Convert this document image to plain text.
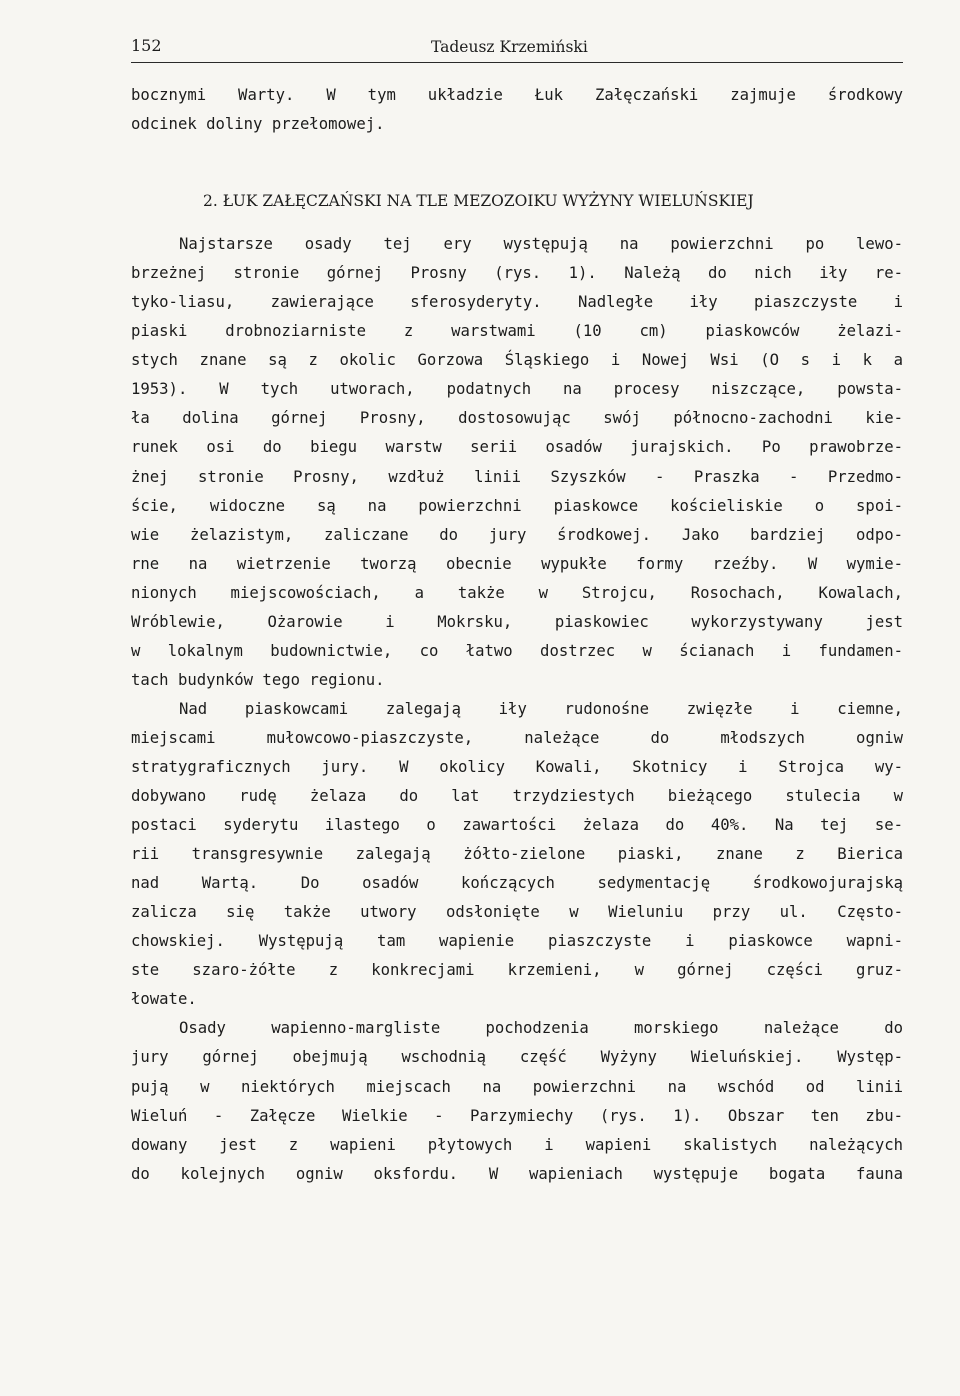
152	Tadeusz Krzemiński
bocznymi Warty. W tym układzie Łuk Załęczański zajmuje środkowy
odcinek doliny przełomowej.
2. ŁUK ZAŁĘCZAŃSKI NA TLE MEZOZOIKU WYŻYNY WIELUŃSKIEJ
Najstarsze osady tej ery występują na powierzchni po lewo-
brzeżnej stronie górnej Prosny (rys. 1). Należą do nich iły re-
tyko-liasu, zawierające sferosyderyty. Nadległe iły piaszczyste i
piaski drobnoziarniste z warstwami (10 cm) piaskowców żelazi-
stych znane są z okolic Gorzowa Śląskiego i Nowej Wsi (O s i k a
1953). W tych utworach, podatnych na procesy niszczące, powsta-
ła dolina górnej Prosny, dostosowując swój północno-zachodni kie-
runek osi do biegu warstw serii osadów jurajskich. Po prawobrze-
żnej stronie Prosny, wzdłuż linii Szyszków - Praszka - Przedmo-
ście, widoczne są na powierzchni piaskowce kościeliskie o spoi-
wie żelazistym, zaliczane do jury środkowej. Jako bardziej odpo-
rne na wietrzenie tworzą obecnie wypukłe formy rzeźby. W wymie-
nionych miejscowościach, a także w Strojcu, Rosochach, Kowalach,
Wróblewie, Ożarowie i Mokrsku, piaskowiec wykorzystywany jest
w lokalnym budownictwie, co łatwo dostrzec w ścianach i fundamen-
tach budynków tego regionu.
Nad piaskowcami zalegają iły rudonośne zwięzłe i ciemne,
miejscami mułowcowo-piaszczyste, należące do młodszych ogniw
stratygraficznych jury. W okolicy Kowali, Skotnicy i Strojca wy-
dobywano rudę żelaza do lat trzydziestych bieżącego stulecia w
postaci syderytu ilastego o zawartości żelaza do 40%. Na tej se-
rii transgresywnie zalegają żółto-zielone piaski, znane z Bierica
nad Wartą. Do osadów kończących sedymentację środkowojurajską
zalicza się także utwory odsłonięte w Wieluniu przy ul. Często-
chowskiej. Występują tam wapienie piaszczyste i piaskowce wapni-
ste szaro-żółte z konkrecjami krzemieni, w górnej części gruz-
łowate.
Osady wapienno-margliste pochodzenia morskiego należące do
jury górnej obejmują wschodnią część Wyżyny Wieluńskiej. Występ-
pują w niektórych miejscach na powierzchni na wschód od linii
Wieluń - Załęcze Wielkie - Parzymiechy (rys. 1). Obszar ten zbu-
dowany jest z wapieni płytowych i wapieni skalistych należących
do kolejnych ogniw oksfordu. W wapieniach występuje bogata fauna
